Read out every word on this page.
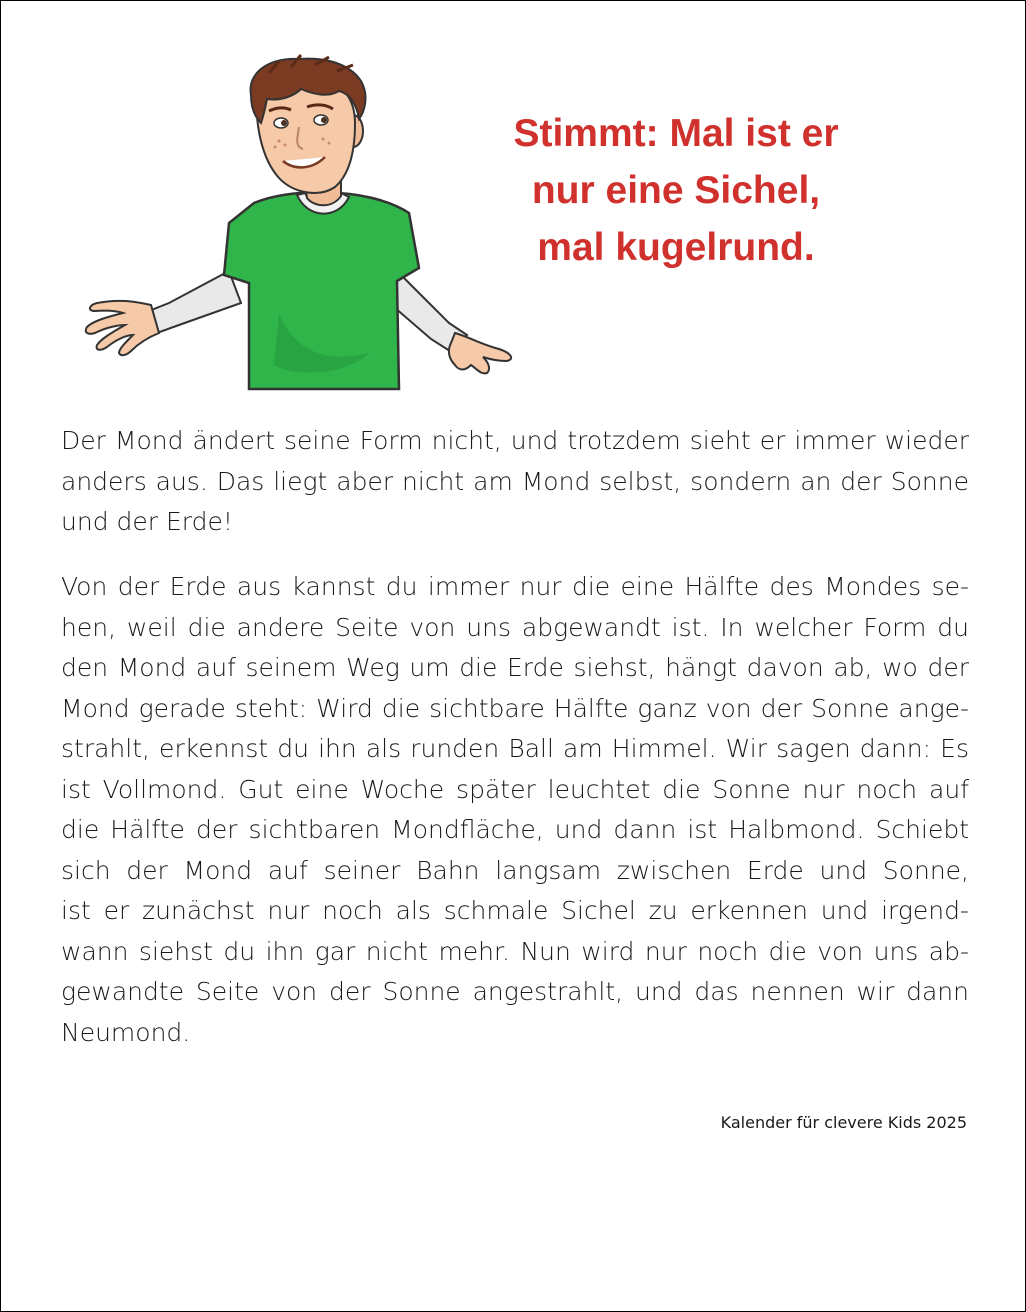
Stimmt: Mal ist er
nur eine Sichel,
mal kugelrund.

Der Mond ändert seine Form nicht, und trotzdem sieht er immer wieder
anders aus. Das liegt aber nicht am Mond selbst, sondern an der Sonne
und der Erde!

Von der Erde aus kannst du immer nur die eine Hälfte des Mondes se-
hen, weil die andere Seite von uns abgewandt ist. In welcher Form du
den Mond auf seinem Weg um die Erde siehst, hängt davon ab, wo der
Mond gerade steht: Wird die sichtbare Hälfte ganz von der Sonne ange-
strahlt, erkennst du ihn als runden Ball am Himmel. Wir sagen dann: Es
ist Vollmond. Gut eine Woche später leuchtet die Sonne nur noch auf
die Hälfte der sichtbaren Mondfläche, und dann ist Halbmond. Schiebt
sich der Mond auf seiner Bahn langsam zwischen Erde und Sonne,
ist er zunächst nur noch als schmale Sichel zu erkennen und irgend-
wann siehst du ihn gar nicht mehr. Nun wird nur noch die von uns ab-
gewandte Seite von der Sonne angestrahlt, und das nennen wir dann
Neumond.

Kalender für clevere Kids 2025
